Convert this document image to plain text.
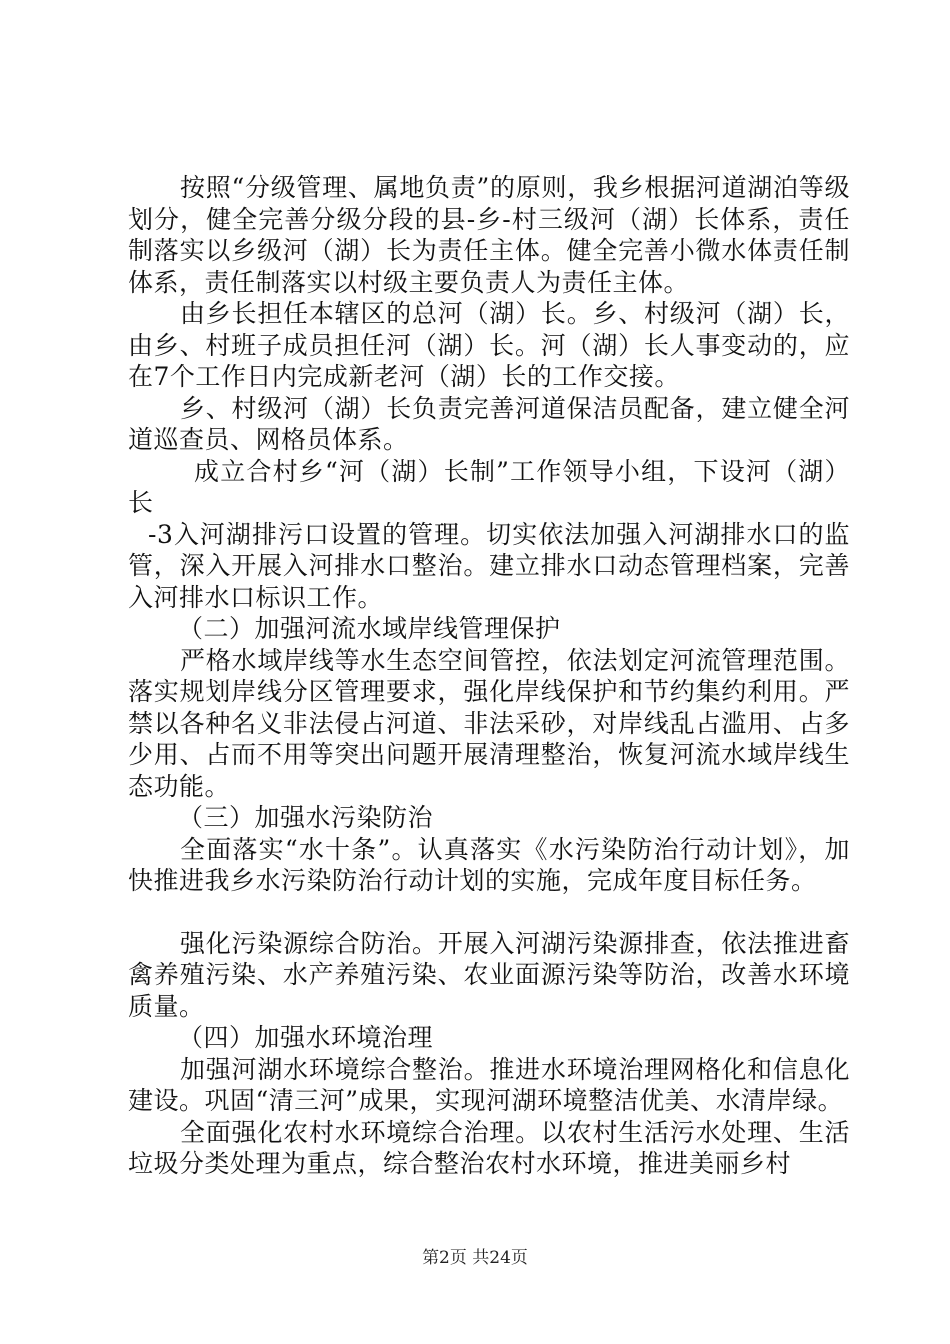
按照“分级管理、属地负责”的原则，我乡根据河道湖泊等级划分，健全完善分级分段的县-乡-村三级河（湖）长体系，责任制落实以乡级河（湖）长为责任主体。健全完善小微水体责任制体系，责任制落实以村级主要负责人为责任主体。

由乡长担任本辖区的总河（湖）长。乡、村级河（湖）长，由乡、村班子成员担任河（湖）长。河（湖）长人事变动的，应在7个工作日内完成新老河（湖）长的工作交接。

乡、村级河（湖）长负责完善河道保洁员配备，建立健全河道巡查员、网格员体系。

成立合村乡“河（湖）长制”工作领导小组，下设河（湖）长

-3入河湖排污口设置的管理。切实依法加强入河湖排水口的监管，深入开展入河排水口整治。建立排水口动态管理档案，完善入河排水口标识工作。

（二）加强河流水域岸线管理保护

严格水域岸线等水生态空间管控，依法划定河流管理范围。落实规划岸线分区管理要求，强化岸线保护和节约集约利用。严禁以各种名义非法侵占河道、非法采砂，对岸线乱占滥用、占多少用、占而不用等突出问题开展清理整治，恢复河流水域岸线生态功能。

（三）加强水污染防治

全面落实“水十条”。认真落实《水污染防治行动计划》，加快推进我乡水污染防治行动计划的实施，完成年度目标任务。

强化污染源综合防治。开展入河湖污染源排查，依法推进畜禽养殖污染、水产养殖污染、农业面源污染等防治，改善水环境质量。

（四）加强水环境治理

加强河湖水环境综合整治。推进水环境治理网格化和信息化建设。巩固“清三河”成果，实现河湖环境整洁优美、水清岸绿。

全面强化农村水环境综合治理。以农村生活污水处理、生活垃圾分类处理为重点，综合整治农村水环境，推进美丽乡村

第2页 共24页
